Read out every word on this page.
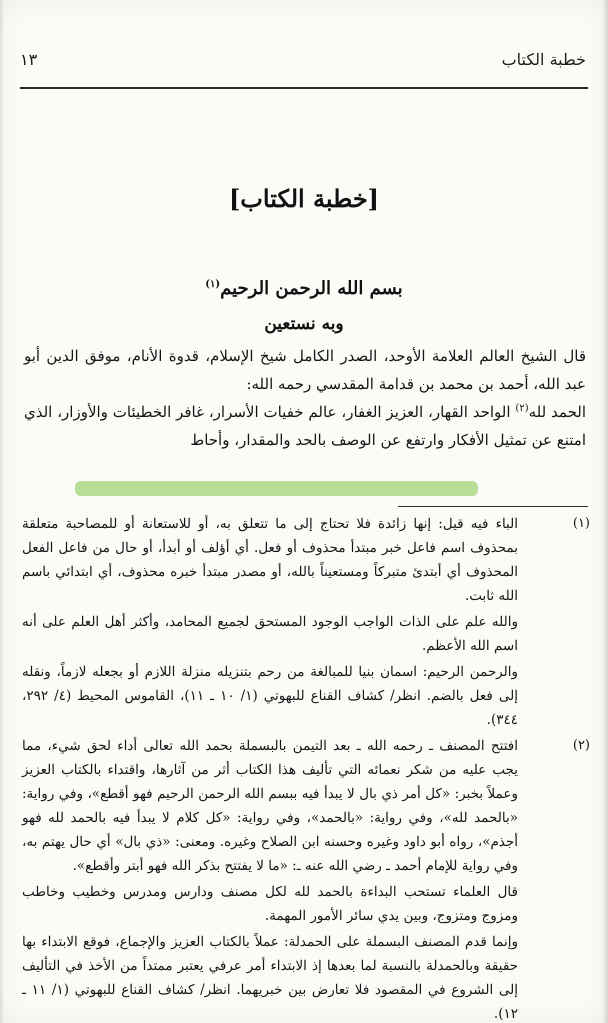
خطبة الكتاب
١٣
[خطبة الكتاب]
بسم الله الرحمن الرحيم$^{(١)}$
وبه نستعين

قال الشيخ العالم العلامة الأوحد، الصدر الكامل شيخ الإسلام، قدوة الأنام، موفق الدين أبو عبد الله، أحمد بن محمد بن قدامة المقدسي رحمه الله:

الحمد لله$^{(٢)}$ الواحد القهار، العزيز الغفار، عالم خفيات الأسرار، غافر الخطيئات والأوزار، الذي امتنع عن تمثيل الأفكار وارتفع عن الوصف بالحد والمقدار، وأحاط

(١)

الباء فيه قيل: إنها زائدة فلا تحتاج إلى ما تتعلق به، أو للاستعانة أو للمصاحبة متعلقة بمحذوف اسم فاعل خبر مبتدأ محذوف أو فعل. أي أؤلف أو أبدأ، أو حال من فاعل الفعل المحذوف أي أبتدئ متبركاً ومستعيناً بالله، أو مصدر مبتدأ خبره محذوف، أي ابتدائي باسم الله ثابت.

والله علم على الذات الواجب الوجود المستحق لجميع المحامد، وأكثر أهل العلم على أنه اسم الله الأعظم.

والرحمن الرحيم: اسمان بنيا للمبالغة من رحم بتنزيله منزلة اللازم أو بجعله لازماً، ونقله إلى فعل بالضم. انظر/ كشاف القناع للبهوتي (١/ ١٠ ـ ١١)، القاموس المحيط (٤/ ٢٩٢، ٣٤٤).

(٢)

افتتح المصنف ـ رحمه الله ـ بعد التيمن بالبسملة بحمد الله تعالى أداء لحق شيء، مما يجب عليه من شكر نعمائه التي تأليف هذا الكتاب أثر من آثارها، واقتداء بالكتاب العزيز وعملاً بخبر: «كل أمر ذي بال لا يبدأ فيه ببسم الله الرحمن الرحيم فهو أقطع»، وفي رواية: «بالحمد لله»، وفي رواية: «بالحمد»، وفي رواية: «كل كلام لا يبدأ فيه بالحمد لله فهو أجذم»، رواه أبو داود وغيره وحسنه ابن الصلاح وغيره. ومعنى: «ذي بال» أي حال يهتم به، وفي رواية للإمام أحمد ـ رضي الله عنه ـ: «ما لا يفتتح بذكر الله فهو أبتر وأقطع».

قال العلماء تستحب البداءة بالحمد لله لكل مصنف ودارس ومدرس وخطيب وخاطب ومزوج ومتزوج، وبين يدي سائر الأمور المهمة.

وإنما قدم المصنف البسملة على الحمدلة: عملاً بالكتاب العزيز والإجماع، فوقع الابتداء بها حقيقة وبالحمدلة بالنسبة لما بعدها إذ الابتداء أمر عرفي يعتبر ممتداً من الأخذ في التأليف إلى الشروع في المقصود فلا تعارض بين خبريهما. انظر/ كشاف القناع للبهوتي (١/ ١١ ـ ١٢).
